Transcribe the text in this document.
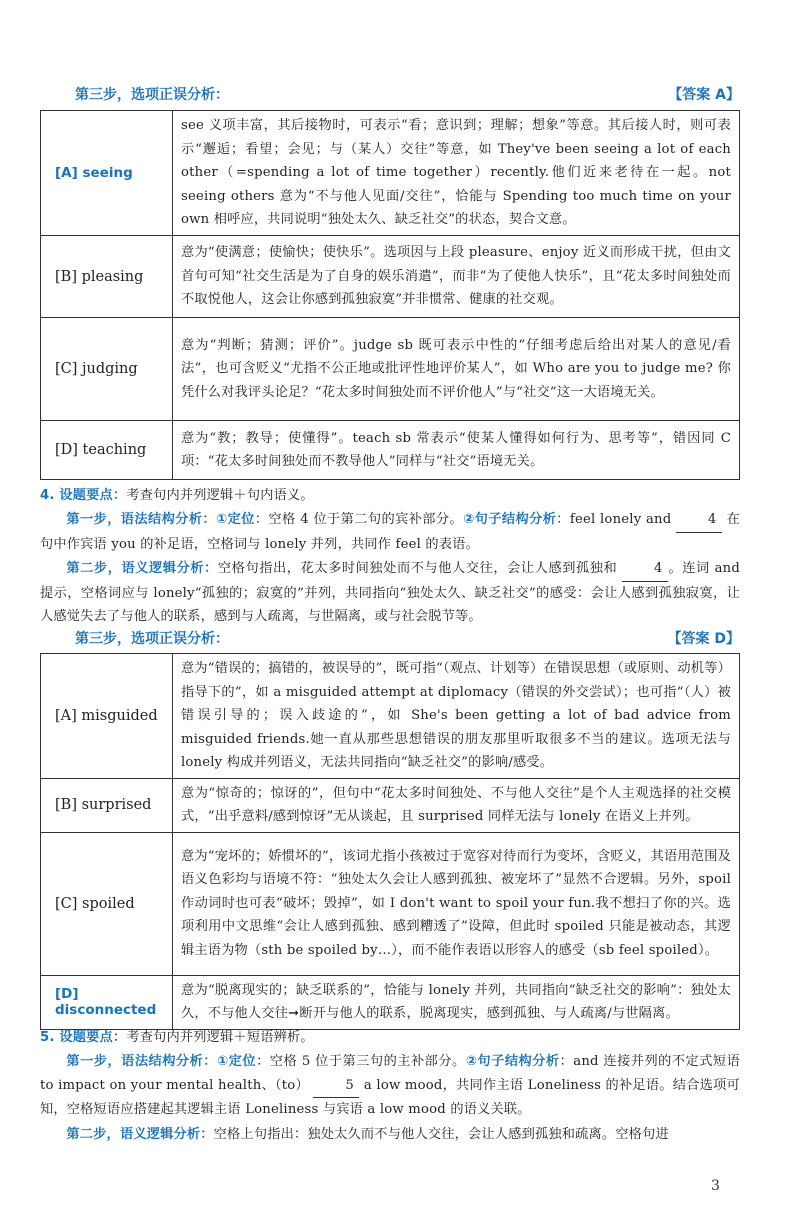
第三步，选项正误分析：	【答案 A】
[A] seeing	see 义项丰富，其后接物时，可表示“看；意识到；理解；想象”等意。其后接人时，则可表示“邂逅；看望；会见；与（某人）交往”等意，如 They've been seeing a lot of each other（=spending a lot of time together）recently.他们近来老待在一起。not seeing others 意为“不与他人见面/交往”，恰能与 Spending too much time on your own 相呼应，共同说明“独处太久、缺乏社交”的状态，契合文意。
[B] pleasing	意为“使满意；使愉快；使快乐”。选项因与上段 pleasure、enjoy 近义而形成干扰，但由文首句可知“社交生活是为了自身的娱乐消遣”，而非“为了使他人快乐”，且“花太多时间独处而不取悦他人，这会让你感到孤独寂寞”并非惯常、健康的社交观。
[C] judging	意为“判断；猜测；评价”。judge sb 既可表示中性的“仔细考虑后给出对某人的意见/看法”，也可含贬义“尤指不公正地或批评性地评价某人”，如 Who are you to judge me? 你凭什么对我评头论足？“花太多时间独处而不评价他人”与“社交”这一大语境无关。
[D] teaching	意为“教；教导；使懂得”。teach sb 常表示“使某人懂得如何行为、思考等”，错因同 C 项：“花太多时间独处而不教导他人”同样与“社交”语境无关。
4. 设题要点：考查句内并列逻辑＋句内语义。
第一步，语法结构分析：①定位：空格 4 位于第二句的宾补部分。②句子结构分析：feel lonely and	4 在句中作宾语 you 的补足语，空格词与 lonely 并列，共同作 feel 的表语。
第二步，语义逻辑分析：空格句指出，花太多时间独处而不与他人交往，会让人感到孤独和	4 。连词 and 提示，空格词应与 lonely“孤独的；寂寞的”并列，共同指向“独处太久、缺乏社交”的感受：会让人感到孤独寂寞，让人感觉失去了与他人的联系，感到与人疏离，与世隔离，或与社会脱节等。
第三步，选项正误分析：	【答案 D】
[A] misguided	意为“错误的；搞错的，被误导的”，既可指“（观点、计划等）在错误思想（或原则、动机等）指导下的”，如 a misguided attempt at diplomacy（错误的外交尝试）；也可指“（人）被错误引导的；误入歧途的”，如 She's been getting a lot of bad advice from misguided friends.她一直从那些思想错误的朋友那里听取很多不当的建议。选项无法与 lonely 构成并列语义，无法共同指向“缺乏社交”的影响/感受。
[B] surprised	意为“惊奇的；惊讶的”，但句中“花太多时间独处、不与他人交往”是个人主观选择的社交模式，“出乎意料/感到惊讶”无从谈起，且 surprised 同样无法与 lonely 在语义上并列。
[C] spoiled	意为“宠坏的；娇惯坏的”，该词尤指小孩被过于宽容对待而行为变坏，含贬义，其语用范围及语义色彩均与语境不符：“独处太久会让人感到孤独、被宠坏了”显然不合逻辑。另外，spoil 作动词时也可表“破坏；毁掉”，如 I don't want to spoil your fun.我不想扫了你的兴。选项利用中文思维“会让人感到孤独、感到糟透了”设障，但此时 spoiled 只能是被动态，其逻辑主语为物（sth be spoiled by…），而不能作表语以形容人的感受（sb feel spoiled）。
[D] disconnected	意为“脱离现实的；缺乏联系的”，恰能与 lonely 并列，共同指向“缺乏社交的影响”：独处太久，不与他人交往➞断开与他人的联系，脱离现实，感到孤独、与人疏离/与世隔离。
5. 设题要点：考查句内并列逻辑＋短语辨析。
第一步，语法结构分析：①定位：空格 5 位于第三句的主补部分。②句子结构分析：and 连接并列的不定式短语 to impact on your mental health、（to）	5 a low mood，共同作主语 Loneliness 的补足语。结合选项可知，空格短语应搭建起其逻辑主语 Loneliness 与宾语 a low mood 的语义关联。
第二步，语义逻辑分析：空格上句指出：独处太久而不与他人交往，会让人感到孤独和疏离。空格句进
3
